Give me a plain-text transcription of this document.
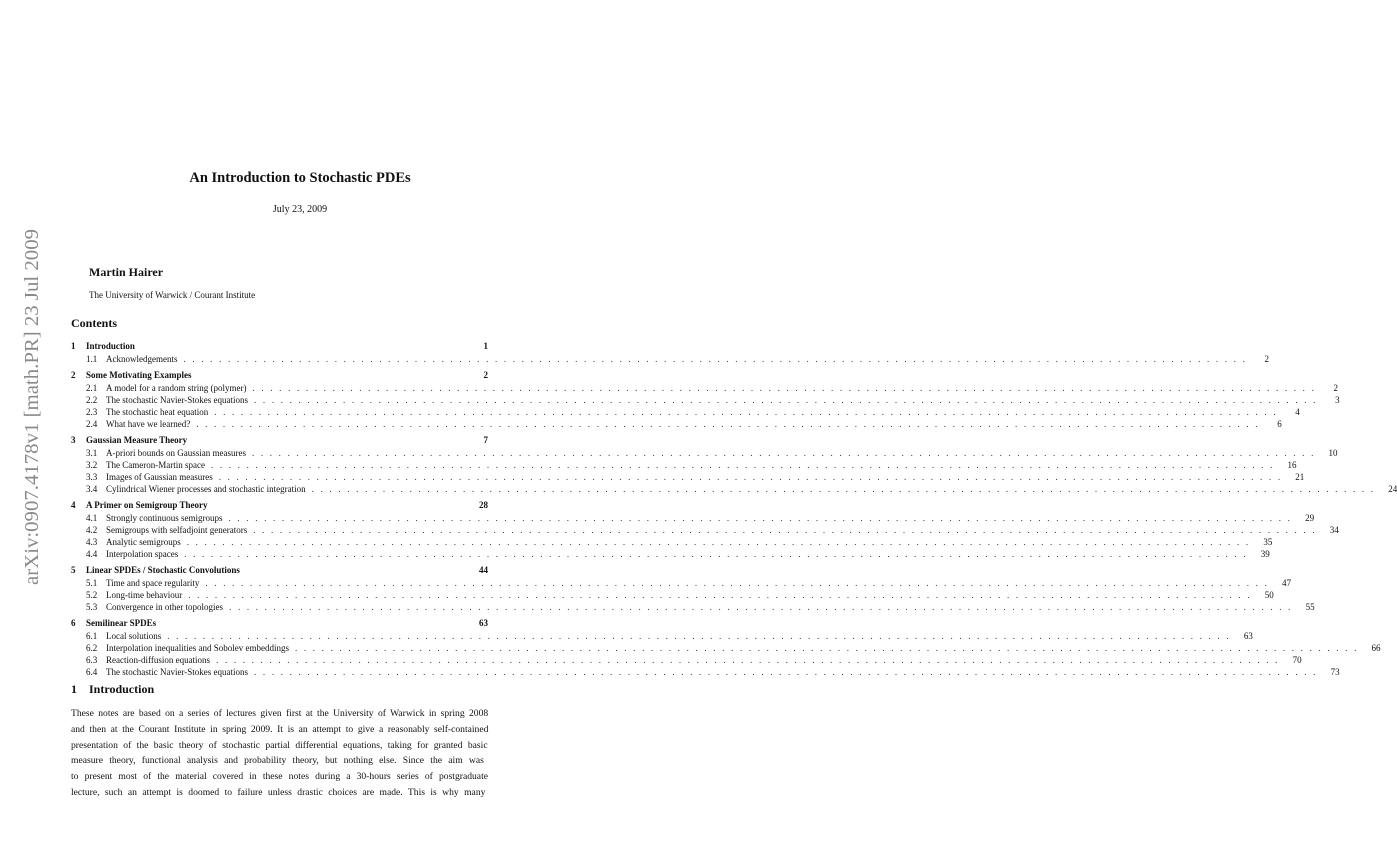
arXiv:0907.4178v1 [math.PR] 23 Jul 2009
An Introduction to Stochastic PDEs
July 23, 2009
Martin Hairer
The University of Warwick / Courant Institute
Contents
1	Introduction	1
1.1 Acknowledgements . . . . . . . . . . . . . . . . . . . . . . . . . . . . . . . . . . . . . . . . . . . . . . . . . . . . . . . . . . . . . . . . . . . . . . . . . . . . . . . . . . . . . . . . . . . . . . . . . . . . . . . . . . . . . . . . . . . . . . . .	2
2	Some Motivating Examples	2
2.1 A model for a random string (polymer) . . . . . . . . . . . . . . . . . . . . . . . . . . . . . . . . . . . . . . . . . . . . . . . . . . . . . . . . . . . . . . . . . . . . . . . . . . . . . . . . . . . . . . . . . . . . . . . . . . . . . . . . . . . . . . . . . . . . . . . .	2
2.2 The stochastic Navier-Stokes equations . . . . . . . . . . . . . . . . . . . . . . . . . . . . . . . . . . . . . . . . . . . . . . . . . . . . . . . . . . . . . . . . . . . . . . . . . . . . . . . . . . . . . . . . . . . . . . . . . . . . . . . . . . . . . . . . . . . . . . . .	3
2.3 The stochastic heat equation . . . . . . . . . . . . . . . . . . . . . . . . . . . . . . . . . . . . . . . . . . . . . . . . . . . . . . . . . . . . . . . . . . . . . . . . . . . . . . . . . . . . . . . . . . . . . . . . . . . . . . . . . . . . . . . . . . . . . . . .	4
2.4 What have we learned? . . . . . . . . . . . . . . . . . . . . . . . . . . . . . . . . . . . . . . . . . . . . . . . . . . . . . . . . . . . . . . . . . . . . . . . . . . . . . . . . . . . . . . . . . . . . . . . . . . . . . . . . . . . . . . . . . . . . . . . .	6
3	Gaussian Measure Theory	7
3.1 A-priori bounds on Gaussian measures . . . . . . . . . . . . . . . . . . . . . . . . . . . . . . . . . . . . . . . . . . . . . . . . . . . . . . . . . . . . . . . . . . . . . . . . . . . . . . . . . . . . . . . . . . . . . . . . . . . . . . . . . . . . . . . . . . . . . . . .	10
3.2 The Cameron-Martin space . . . . . . . . . . . . . . . . . . . . . . . . . . . . . . . . . . . . . . . . . . . . . . . . . . . . . . . . . . . . . . . . . . . . . . . . . . . . . . . . . . . . . . . . . . . . . . . . . . . . . . . . . . . . . . . . . . . . . . . .	16
3.3 Images of Gaussian measures . . . . . . . . . . . . . . . . . . . . . . . . . . . . . . . . . . . . . . . . . . . . . . . . . . . . . . . . . . . . . . . . . . . . . . . . . . . . . . . . . . . . . . . . . . . . . . . . . . . . . . . . . . . . . . . . . . . . . . . .	21
3.4 Cylindrical Wiener processes and stochastic integration . . . . . . . . . . . . . . . . . . . . . . . . . . . . . . . . . . . . . . . . . . . . . . . . . . . . . . . . . . . . . . . . . . . . . . . . . . . . . . . . . . . . . . . . . . . . . . . . . . . . . . . . . . . . . . . . . . . . . . . .	24
4	A Primer on Semigroup Theory	28
4.1 Strongly continuous semigroups . . . . . . . . . . . . . . . . . . . . . . . . . . . . . . . . . . . . . . . . . . . . . . . . . . . . . . . . . . . . . . . . . . . . . . . . . . . . . . . . . . . . . . . . . . . . . . . . . . . . . . . . . . . . . . . . . . . . . . . .	29
4.2 Semigroups with selfadjoint generators . . . . . . . . . . . . . . . . . . . . . . . . . . . . . . . . . . . . . . . . . . . . . . . . . . . . . . . . . . . . . . . . . . . . . . . . . . . . . . . . . . . . . . . . . . . . . . . . . . . . . . . . . . . . . . . . . . . . . . . .	34
4.3 Analytic semigroups . . . . . . . . . . . . . . . . . . . . . . . . . . . . . . . . . . . . . . . . . . . . . . . . . . . . . . . . . . . . . . . . . . . . . . . . . . . . . . . . . . . . . . . . . . . . . . . . . . . . . . . . . . . . . . . . . . . . . . . .	35
4.4 Interpolation spaces . . . . . . . . . . . . . . . . . . . . . . . . . . . . . . . . . . . . . . . . . . . . . . . . . . . . . . . . . . . . . . . . . . . . . . . . . . . . . . . . . . . . . . . . . . . . . . . . . . . . . . . . . . . . . . . . . . . . . . . .	39
5	Linear SPDEs / Stochastic Convolutions	44
5.1 Time and space regularity . . . . . . . . . . . . . . . . . . . . . . . . . . . . . . . . . . . . . . . . . . . . . . . . . . . . . . . . . . . . . . . . . . . . . . . . . . . . . . . . . . . . . . . . . . . . . . . . . . . . . . . . . . . . . . . . . . . . . . . .	47
5.2 Long-time behaviour . . . . . . . . . . . . . . . . . . . . . . . . . . . . . . . . . . . . . . . . . . . . . . . . . . . . . . . . . . . . . . . . . . . . . . . . . . . . . . . . . . . . . . . . . . . . . . . . . . . . . . . . . . . . . . . . . . . . . . . .	50
5.3 Convergence in other topologies . . . . . . . . . . . . . . . . . . . . . . . . . . . . . . . . . . . . . . . . . . . . . . . . . . . . . . . . . . . . . . . . . . . . . . . . . . . . . . . . . . . . . . . . . . . . . . . . . . . . . . . . . . . . . . . . . . . . . . . .	55
6	Semilinear SPDEs	63
6.1 Local solutions . . . . . . . . . . . . . . . . . . . . . . . . . . . . . . . . . . . . . . . . . . . . . . . . . . . . . . . . . . . . . . . . . . . . . . . . . . . . . . . . . . . . . . . . . . . . . . . . . . . . . . . . . . . . . . . . . . . . . . . .	63
6.2 Interpolation inequalities and Sobolev embeddings . . . . . . . . . . . . . . . . . . . . . . . . . . . . . . . . . . . . . . . . . . . . . . . . . . . . . . . . . . . . . . . . . . . . . . . . . . . . . . . . . . . . . . . . . . . . . . . . . . . . . . . . . . . . . . . . . . . . . . . .	66
6.3 Reaction-diffusion equations . . . . . . . . . . . . . . . . . . . . . . . . . . . . . . . . . . . . . . . . . . . . . . . . . . . . . . . . . . . . . . . . . . . . . . . . . . . . . . . . . . . . . . . . . . . . . . . . . . . . . . . . . . . . . . . . . . . . . . . .	70
6.4 The stochastic Navier-Stokes equations . . . . . . . . . . . . . . . . . . . . . . . . . . . . . . . . . . . . . . . . . . . . . . . . . . . . . . . . . . . . . . . . . . . . . . . . . . . . . . . . . . . . . . . . . . . . . . . . . . . . . . . . . . . . . . . . . . . . . . . .	73
1 Introduction
These notes are based on a series of lectures given first at the University of Warwick in spring 2008
and then at the Courant Institute in spring 2009. It is an attempt to give a reasonably self-contained
presentation of the basic theory of stochastic partial differential equations, taking for granted basic
measure theory, functional analysis and probability theory, but nothing else. Since the aim was
to present most of the material covered in these notes during a 30-hours series of postgraduate
lecture, such an attempt is doomed to failure unless drastic choices are made. This is why many
